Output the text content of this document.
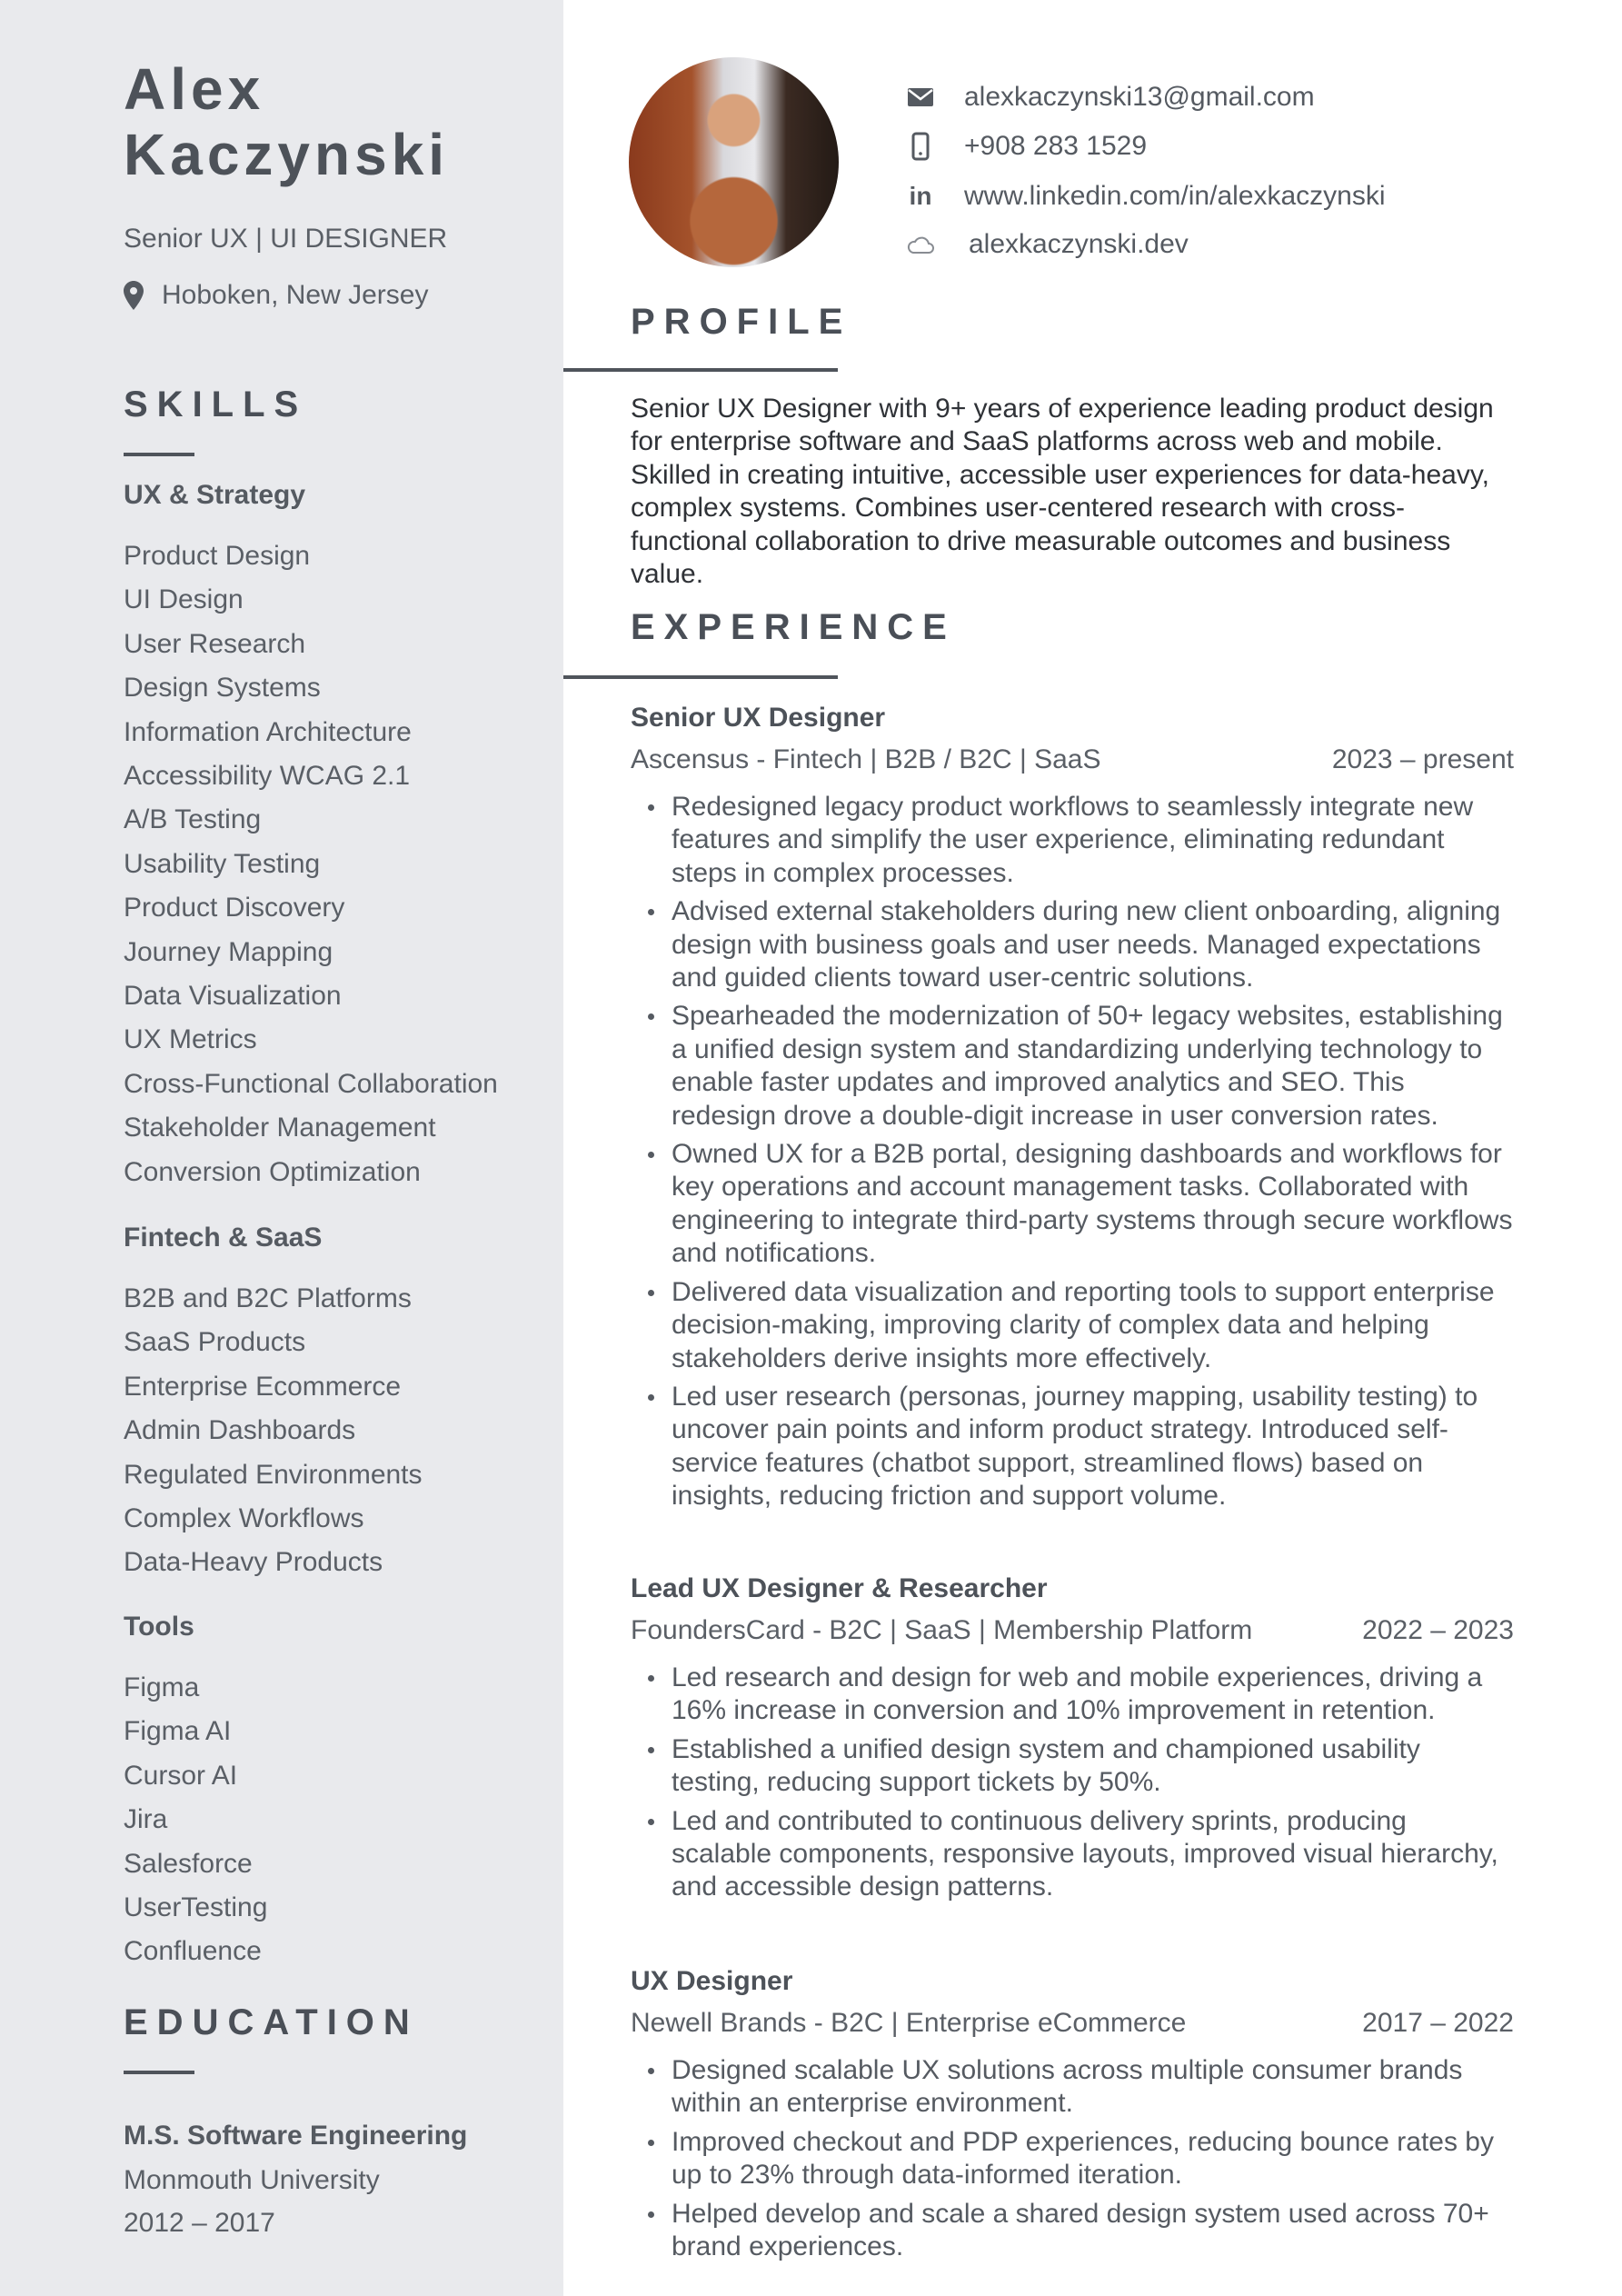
Alex
Kaczynski
Senior UX | UI DESIGNER
Hoboken, New Jersey
SKILLS
UX & Strategy
Product Design
UI Design
User Research
Design Systems
Information Architecture
Accessibility WCAG 2.1
A/B Testing
Usability Testing
Product Discovery
Journey Mapping
Data Visualization
UX Metrics
Cross-Functional Collaboration
Stakeholder Management
Conversion Optimization
Fintech & SaaS
B2B and B2C Platforms
SaaS Products
Enterprise Ecommerce
Admin Dashboards
Regulated Environments
Complex Workflows
Data-Heavy Products
Tools
Figma
Figma AI
Cursor AI
Jira
Salesforce
UserTesting
Confluence
EDUCATION
M.S. Software Engineering
Monmouth University
2012 – 2017
alexkaczynski13@gmail.com
+908 283 1529
in www.linkedin.com/in/alexkaczynski
alexkaczynski.dev
PROFILE
Senior UX Designer with 9+ years of experience leading product design for enterprise software and SaaS platforms across web and mobile. Skilled in creating intuitive, accessible user experiences for data-heavy, complex systems. Combines user-centered research with cross-functional collaboration to drive measurable outcomes and business value.
EXPERIENCE
Senior UX Designer
Ascensus - Fintech | B2B / B2C | SaaS	2023 – present
Redesigned legacy product workflows to seamlessly integrate new features and simplify the user experience, eliminating redundant steps in complex processes.
Advised external stakeholders during new client onboarding, aligning design with business goals and user needs. Managed expectations and guided clients toward user-centric solutions.
Spearheaded the modernization of 50+ legacy websites, establishing a unified design system and standardizing underlying technology to enable faster updates and improved analytics and SEO. This redesign drove a double-digit increase in user conversion rates.
Owned UX for a B2B portal, designing dashboards and workflows for key operations and account management tasks. Collaborated with engineering to integrate third-party systems through secure workflows and notifications.
Delivered data visualization and reporting tools to support enterprise decision-making, improving clarity of complex data and helping stakeholders derive insights more effectively.
Led user research (personas, journey mapping, usability testing) to uncover pain points and inform product strategy. Introduced self-service features (chatbot support, streamlined flows) based on insights, reducing friction and support volume.
Lead UX Designer & Researcher
FoundersCard - B2C | SaaS | Membership Platform	2022 – 2023
Led research and design for web and mobile experiences, driving a 16% increase in conversion and 10% improvement in retention.
Established a unified design system and championed usability testing, reducing support tickets by 50%.
Led and contributed to continuous delivery sprints, producing scalable components, responsive layouts, improved visual hierarchy, and accessible design patterns.
UX Designer
Newell Brands - B2C | Enterprise eCommerce	2017 – 2022
Designed scalable UX solutions across multiple consumer brands within an enterprise environment.
Improved checkout and PDP experiences, reducing bounce rates by up to 23% through data-informed iteration.
Helped develop and scale a shared design system used across 70+ brand experiences.
